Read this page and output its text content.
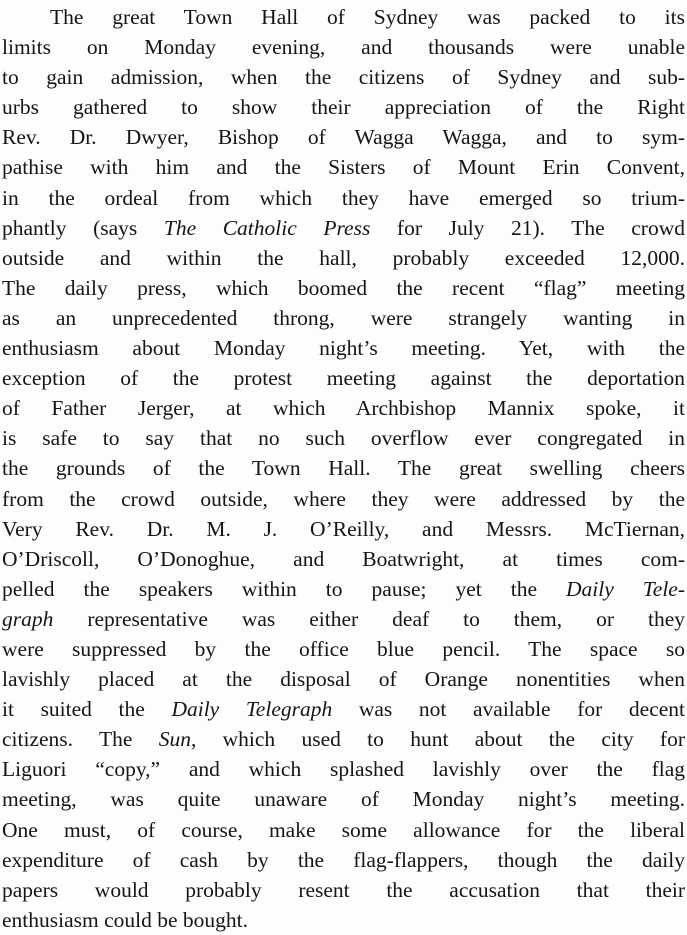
The great Town Hall of Sydney was packed to its
limits on Monday evening, and thousands were unable
to gain admission, when the citizens of Sydney and sub-
urbs gathered to show their appreciation of the Right
Rev. Dr. Dwyer, Bishop of Wagga Wagga, and to sym-
pathise with him and the Sisters of Mount Erin Convent,
in the ordeal from which they have emerged so trium-
phantly (says The Catholic Press for July 21). The crowd
outside and within the hall, probably exceeded 12,000.
The daily press, which boomed the recent “flag” meeting
as an unprecedented throng, were strangely wanting in
enthusiasm about Monday night’s meeting. Yet, with the
exception of the protest meeting against the deportation
of Father Jerger, at which Archbishop Mannix spoke, it
is safe to say that no such overflow ever congregated in
the grounds of the Town Hall. The great swelling cheers
from the crowd outside, where they were addressed by the
Very Rev. Dr. M. J. O’Reilly, and Messrs. McTiernan,
O’Driscoll, O’Donoghue, and Boatwright, at times com-
pelled the speakers within to pause; yet the Daily Tele-
graph representative was either deaf to them, or they
were suppressed by the office blue pencil. The space so
lavishly placed at the disposal of Orange nonentities when
it suited the Daily Telegraph was not available for decent
citizens. The Sun, which used to hunt about the city for
Liguori “copy,” and which splashed lavishly over the flag
meeting, was quite unaware of Monday night’s meeting.
One must, of course, make some allowance for the liberal
expenditure of cash by the flag-flappers, though the daily
papers would probably resent the accusation that their
enthusiasm could be bought.
